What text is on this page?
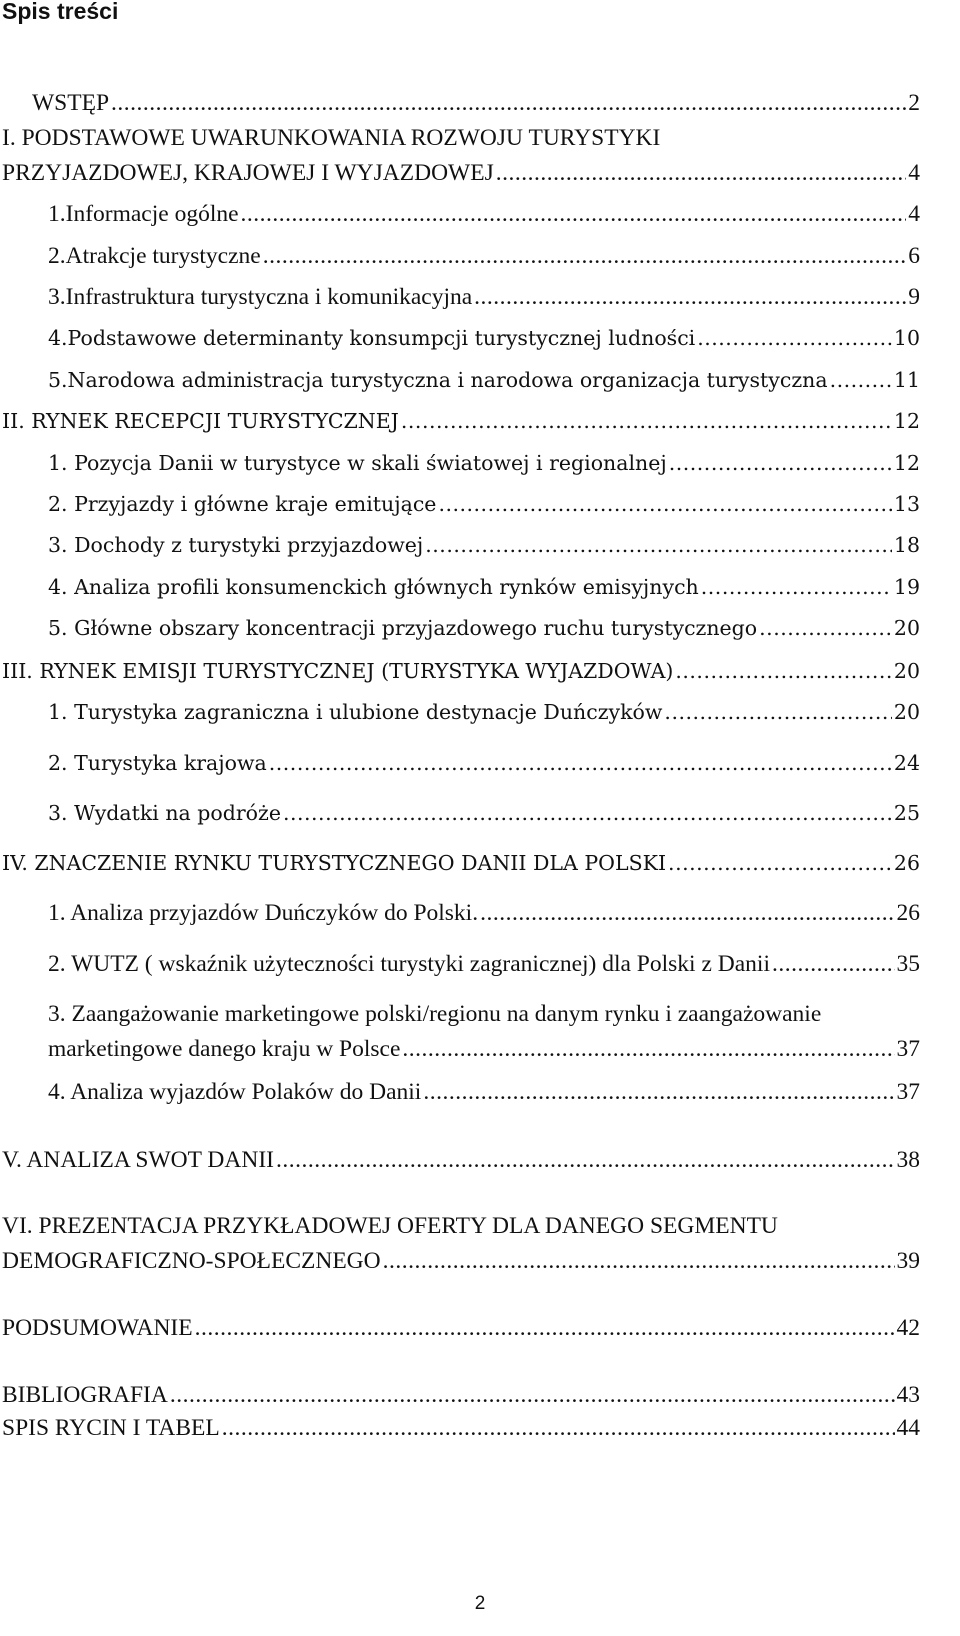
Spis treści
WSTĘP .....	2
I. PODSTAWOWE UWARUNKOWANIA ROZWOJU TURYSTYKI
PRZYJAZDOWEJ, KRAJOWEJ I WYJAZDOWEJ .....	4
1.Informacje ogólne .....	4
2.Atrakcje turystyczne .....	6
3.Infrastruktura turystyczna i komunikacyjna .....	9
4.Podstawowe determinanty konsumpcji turystycznej ludności .....	10
5.Narodowa administracja turystyczna i narodowa organizacja turystyczna .....	11
II. RYNEK RECEPCJI TURYSTYCZNEJ .....	12
1. Pozycja Danii w turystyce w skali światowej i regionalnej .....	12
2. Przyjazdy i główne kraje emitujące .....	13
3. Dochody z turystyki przyjazdowej .....	18
4. Analiza profili konsumenckich głównych rynków emisyjnych .....	19
5. Główne obszary koncentracji przyjazdowego ruchu turystycznego .....	20
III. RYNEK EMISJI TURYSTYCZNEJ (TURYSTYKA WYJAZDOWA) .....	20
1. Turystyka zagraniczna i ulubione destynacje Duńczyków .....	20
2. Turystyka krajowa .....	24
3. Wydatki na podróże .....	25
IV. ZNACZENIE RYNKU TURYSTYCZNEGO DANII DLA POLSKI .....	26
1. Analiza przyjazdów Duńczyków do Polski. .....	26
2. WUTZ ( wskaźnik użyteczności turystyki zagranicznej) dla Polski z Danii .....	35
3. Zaangażowanie marketingowe polski/regionu na danym rynku i zaangażowanie
marketingowe danego kraju w Polsce .....	37
4. Analiza wyjazdów Polaków do Danii .....	37
V. ANALIZA SWOT DANII .....	38
VI. PREZENTACJA PRZYKŁADOWEJ OFERTY DLA DANEGO SEGMENTU
DEMOGRAFICZNO-SPOŁECZNEGO .....	39
PODSUMOWANIE .....	42
BIBLIOGRAFIA .....	43
SPIS RYCIN I TABEL .....	44
2
